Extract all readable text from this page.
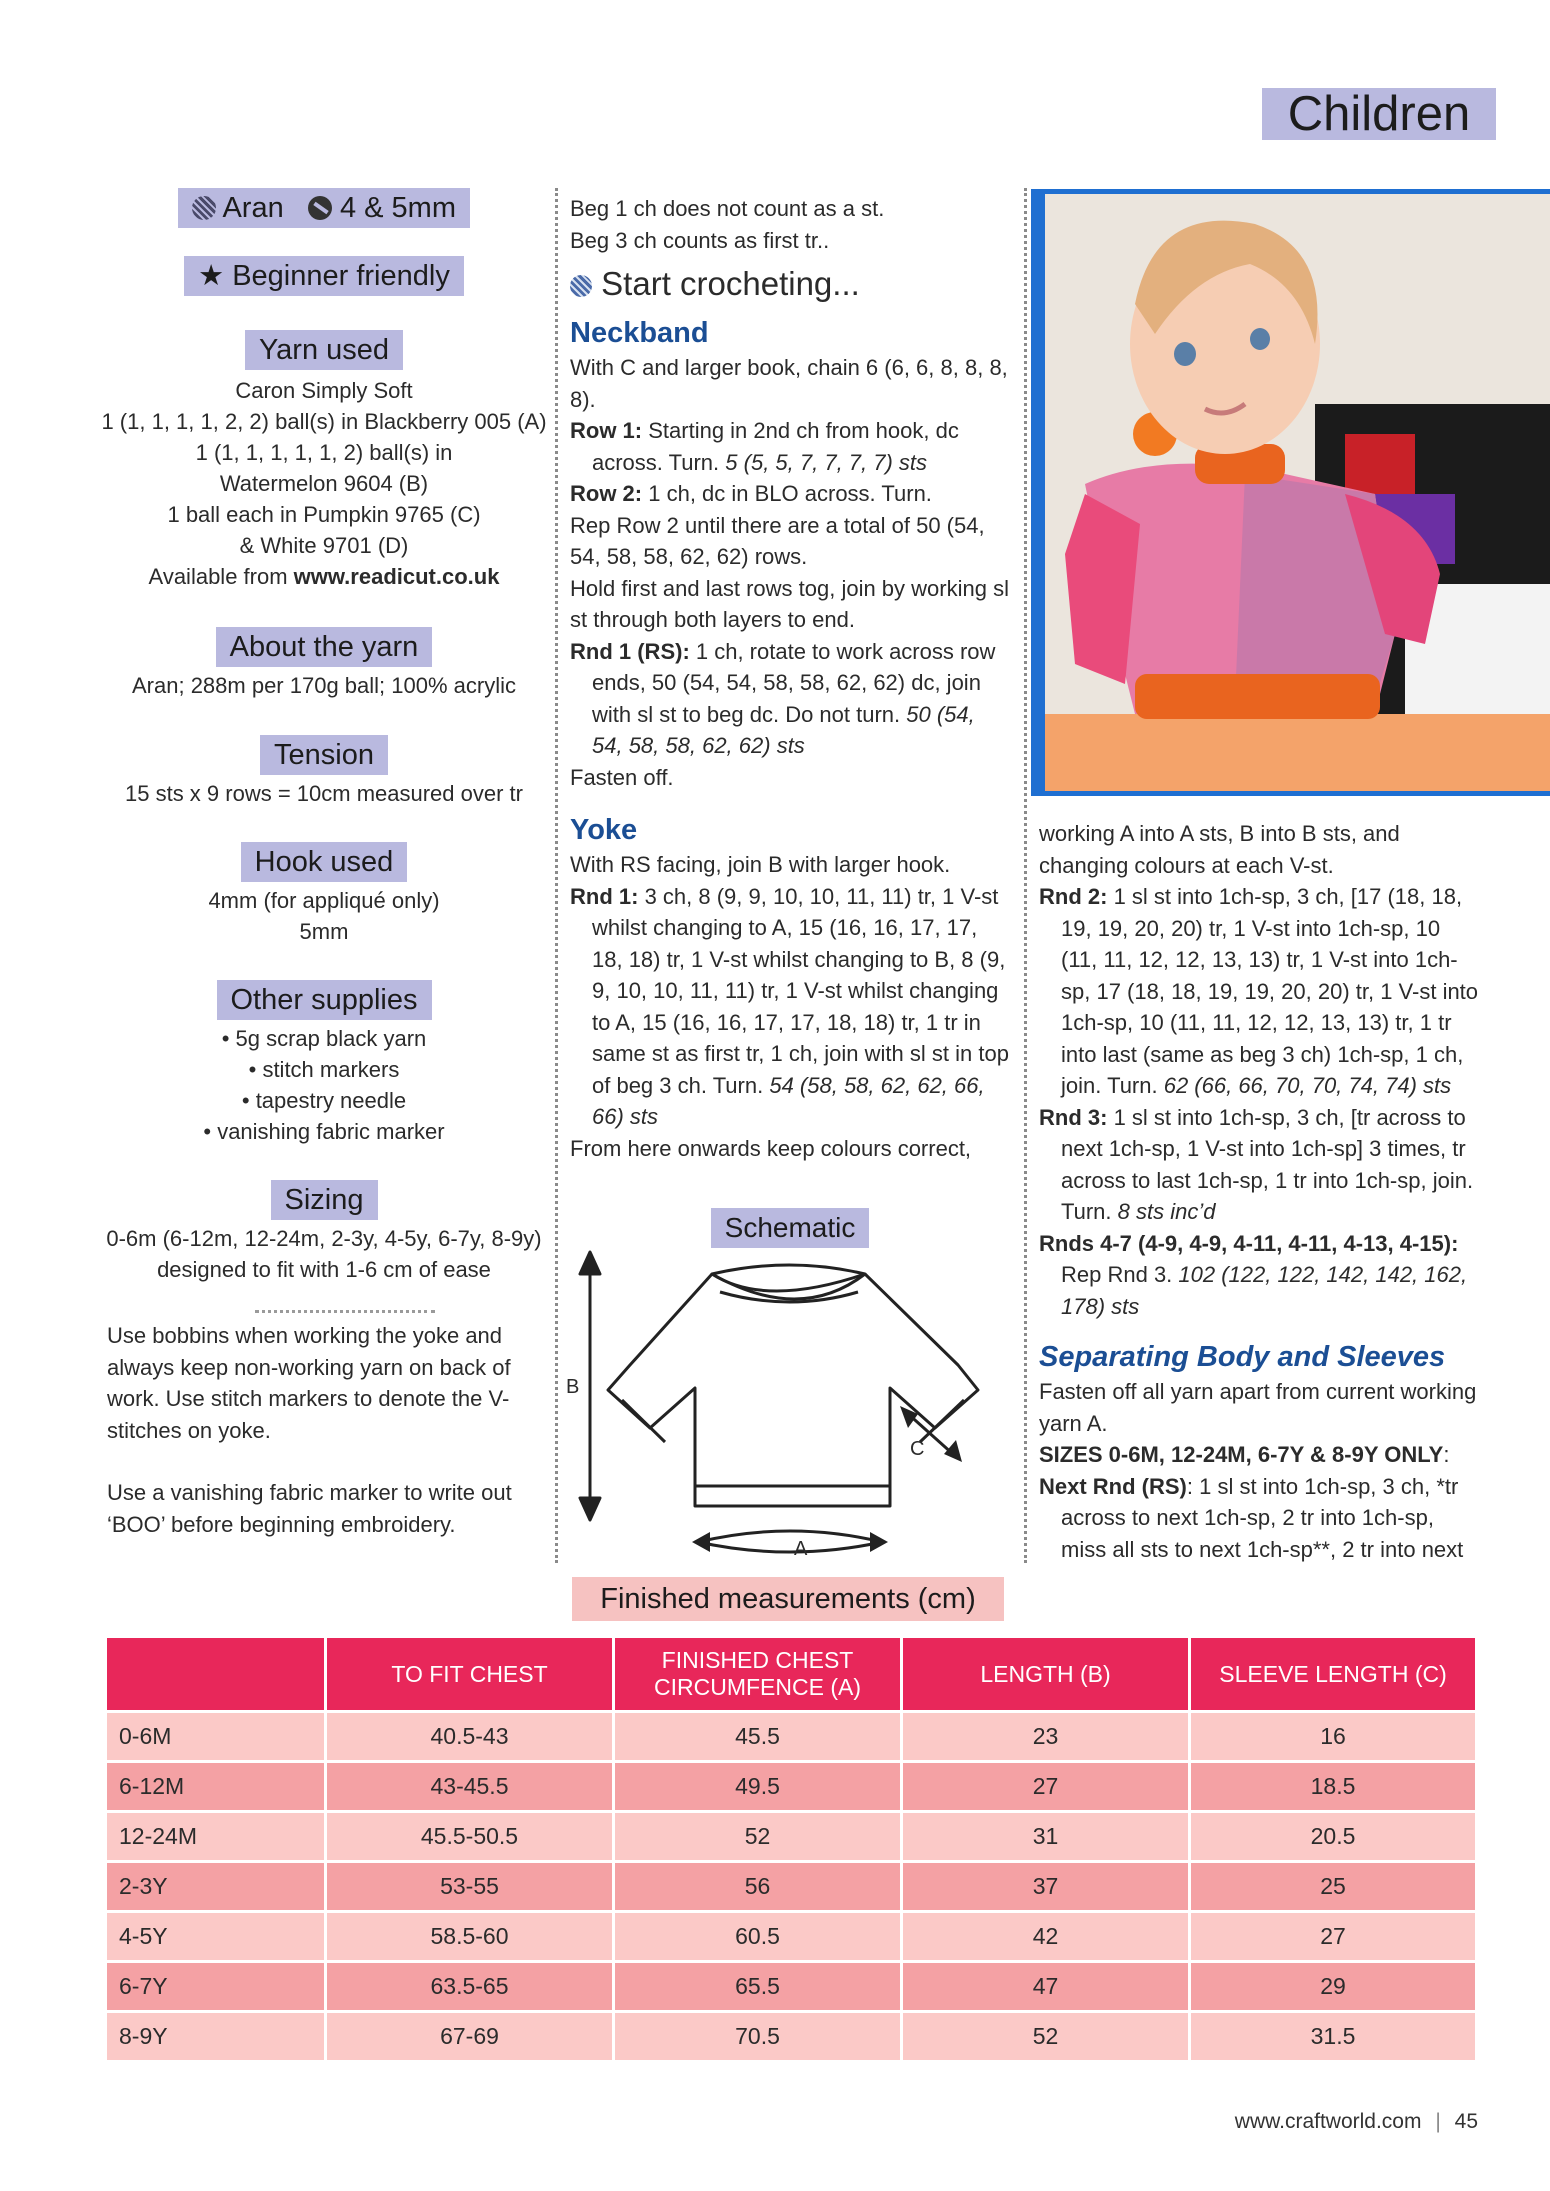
Children
Aran 4 & 5mm
★ Beginner friendly
Yarn used
Caron Simply Soft
1 (1, 1, 1, 1, 2, 2) ball(s) in Blackberry 005 (A)
1 (1, 1, 1, 1, 1, 2) ball(s) in
Watermelon 9604 (B)
1 ball each in Pumpkin 9765 (C)
& White 9701 (D)
Available from www.readicut.co.uk
About the yarn
Aran; 288m per 170g ball; 100% acrylic
Tension
15 sts x 9 rows = 10cm measured over tr
Hook used
4mm (for appliqué only)
5mm
Other supplies
• 5g scrap black yarn
• stitch markers
• tapestry needle
• vanishing fabric marker
Sizing
0-6m (6-12m, 12-24m, 2-3y, 4-5y, 6-7y, 8-9y)
designed to fit with 1-6 cm of ease

Use bobbins when working the yoke and always keep non-working yarn on back of work. Use stitch markers to denote the V-stitches on yoke.

Use a vanishing fabric marker to write out ‘BOO’ before beginning embroidery.

Beg 1 ch does not count as a st.

Beg 3 ch counts as first tr..

Start crocheting...

Neckband

With C and larger book, chain 6 (6, 6, 8, 8, 8, 8).

Row 1: Starting in 2nd ch from hook, dc across. Turn. 5 (5, 5, 7, 7, 7, 7) sts

Row 2: 1 ch, dc in BLO across. Turn.

Rep Row 2 until there are a total of 50 (54, 54, 58, 58, 62, 62) rows.

Hold first and last rows tog, join by working sl st through both layers to end.

Rnd 1 (RS): 1 ch, rotate to work across row ends, 50 (54, 54, 58, 58, 62, 62) dc, join with sl st to beg dc. Do not turn. 50 (54, 54, 58, 58, 62, 62) sts

Fasten off.

Yoke

With RS facing, join B with larger hook.

Rnd 1: 3 ch, 8 (9, 9, 10, 10, 11, 11) tr, 1 V-st whilst changing to A, 15 (16, 16, 17, 17, 18, 18) tr, 1 V-st whilst changing to B, 8 (9, 9, 10, 10, 11, 11) tr, 1 V-st whilst changing to A, 15 (16, 16, 17, 17, 18, 18) tr, 1 tr in same st as first tr, 1 ch, join with sl st in top of beg 3 ch. Turn. 54 (58, 58, 62, 62, 66, 66) sts

From here onwards keep colours correct,

Schematic
B
C
A

working A into A sts, B into B sts, and changing colours at each V-st.

Rnd 2: 1 sl st into 1ch-sp, 3 ch, [17 (18, 18, 19, 19, 20, 20) tr, 1 V-st into 1ch-sp, 10 (11, 11, 12, 12, 13, 13) tr, 1 V-st into 1ch-sp, 17 (18, 18, 19, 19, 20, 20) tr, 1 V-st into 1ch-sp, 10 (11, 11, 12, 12, 13, 13) tr, 1 tr into last (same as beg 3 ch) 1ch-sp, 1 ch, join. Turn. 62 (66, 66, 70, 70, 74, 74) sts

Rnd 3: 1 sl st into 1ch-sp, 3 ch, [tr across to next 1ch-sp, 1 V-st into 1ch-sp] 3 times, tr across to last 1ch-sp, 1 tr into 1ch-sp, join. Turn. 8 sts inc’d

Rnds 4-7 (4-9, 4-9, 4-11, 4-11, 4-13, 4-15): Rep Rnd 3. 102 (122, 122, 142, 142, 162, 178) sts

Separating Body and Sleeves

Fasten off all yarn apart from current working yarn A.

SIZES 0-6M, 12-24M, 6-7Y & 8-9Y ONLY:

Next Rnd (RS): 1 sl st into 1ch-sp, 3 ch, *tr across to next 1ch-sp, 2 tr into 1ch-sp, miss all sts to next 1ch-sp**, 2 tr into next

Finished measurements (cm)
	TO FIT CHEST	FINISHED CHEST CIRCUMFENCE (A)	LENGTH (B)	SLEEVE LENGTH (C)
0-6M	40.5-43	45.5	23	16
6-12M	43-45.5	49.5	27	18.5
12-24M	45.5-50.5	52	31	20.5
2-3Y	53-55	56	37	25
4-5Y	58.5-60	60.5	42	27
6-7Y	63.5-65	65.5	47	29
8-9Y	67-69	70.5	52	31.5
www.craftworld.com | 45
